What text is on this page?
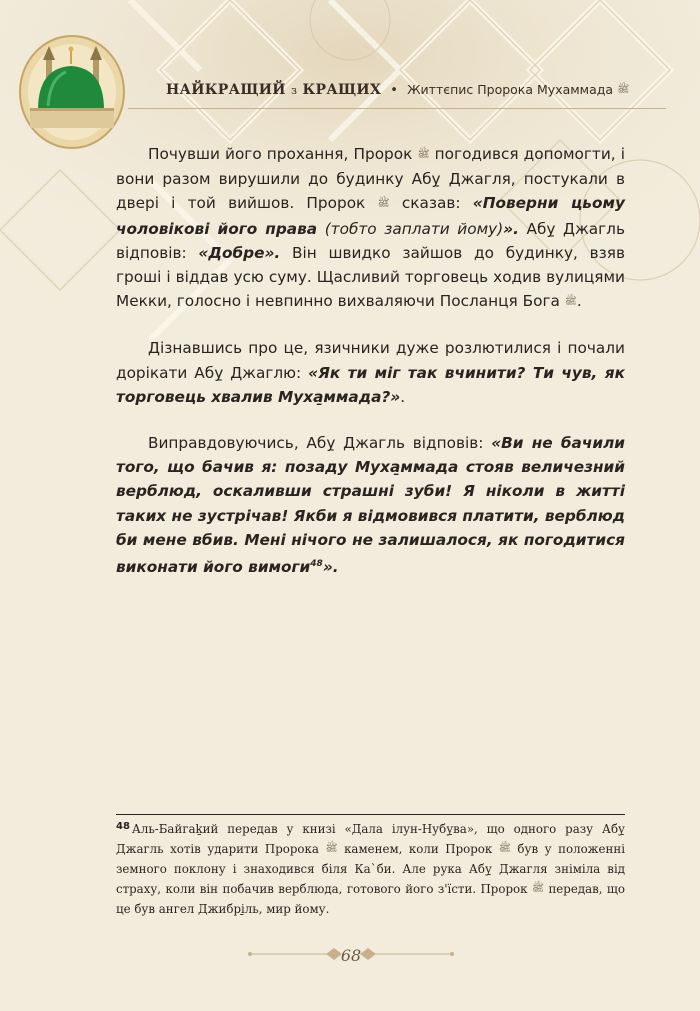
НАЙКРАЩИЙ з КРАЩИХ • Життєпис Пророка Мухаммада ﷺ

Почувши його прохання, Пророк ﷺ погодився допомогти, і вони разом вирушили до будинку Абу̱ Джагля, постукали в двері і той вийшов. Пророк ﷺ сказав: «Поверни цьому чоловікові його права (тобто заплати йому)». Абу̱ Джагль відповів: «Добре». Він швидко зайшов до будинку, взяв гроші і віддав усю суму. Щасливий торговець ходив вулицями Мекки, голосно і невпинно вихваляючи Посланця Бога ﷺ.

Дізнавшись про це, язичники дуже розлютилися і почали дорікати Абу̱ Джаглю: «Як ти міг так вчинити? Ти чув, як торговець хвалив Муха̱ммада?».

Виправдовуючись, Абу̱ Джагль відповів: «Ви не бачили того, що бачив я: позаду Муха̱ммада стояв величезний верблюд, оскаливши страшні зуби! Я ніколи в житті таких не зустрічав! Якби я відмовився платити, верблюд би мене вбив. Мені нічого не залишалося, як погодитися виконати його вимоги$^{48}$».

$^{48}$ Аль-Байгаḵий передав у книзі «Дала ілун-Нубу̱ва», що одного разу Абу̱ Джагль хотів ударити Пророка ﷺ каменем, коли Пророк ﷺ був у положенні земного поклону і знаходився біля Ка`би. Але рука Абу̱ Джагля зніміла від страху, коли він побачив верблюда, готового його з'їсти. Пророк ﷺ передав, що це був ангел Джибрі̱ль, мир йому.
68
